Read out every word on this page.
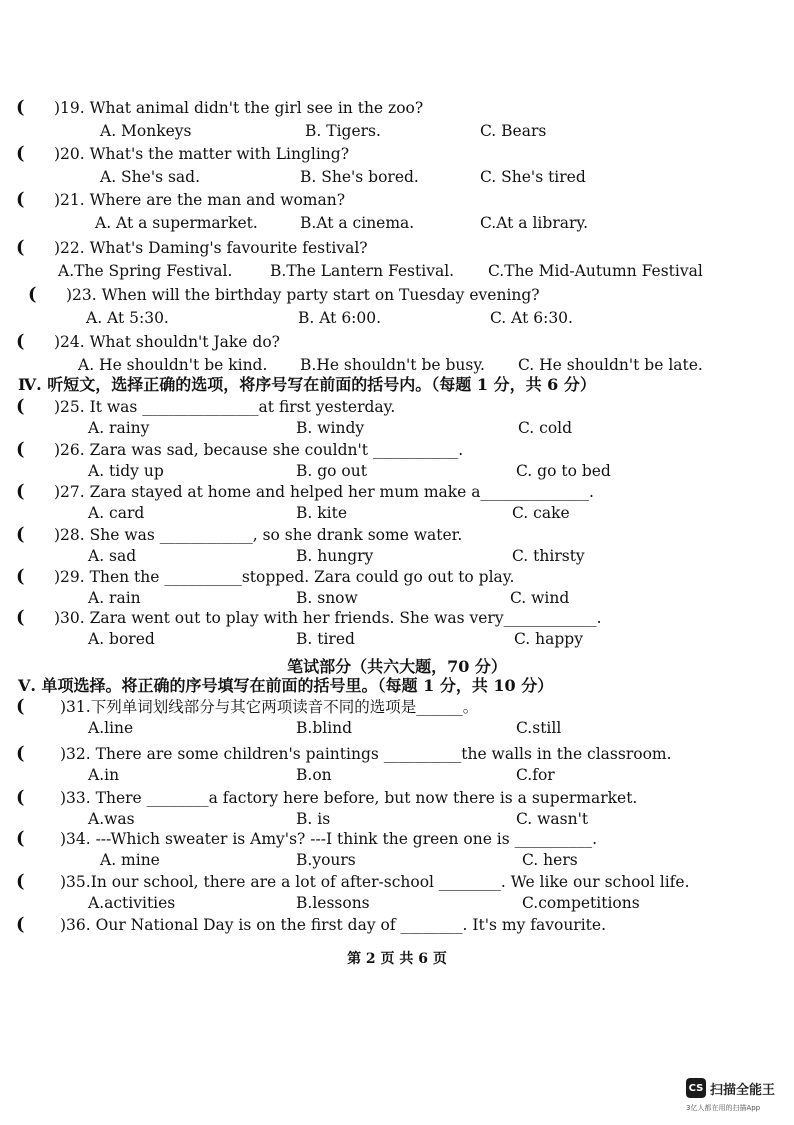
( )19. What animal didn't the girl see in the zoo?
A. Monkeys	B. Tigers.	C. Bears
( )20. What's the matter with Lingling?
A. She's sad.	B. She's bored.	C. She's tired
( )21. Where are the man and woman?
A. At a supermarket.	B.At a cinema.	C.At a library.
( )22. What's Daming's favourite festival?
A.The Spring Festival. B.The Lantern Festival. C.The Mid-Autumn Festival
( )23. When will the birthday party start on Tuesday evening?
A. At 5:30.	B. At 6:00.	C. At 6:30.
( )24. What shouldn't Jake do?
A. He shouldn't be kind. B.He shouldn't be busy. C. He shouldn't be late.
( )25. It was _______________at first yesterday.
A. rainy	B. windy	C. cold
( )26. Zara was sad, because she couldn't ___________.
A. tidy up	B. go out	C. go to bed
( )27. Zara stayed at home and helped her mum make a______________.
A. card	B. kite	C. cake
( )28. She was ____________, so she drank some water.
A. sad	B. hungry	C. thirsty
( )29. Then the __________stopped. Zara could go out to play.
A. rain	B. snow	C. wind
( )30. Zara went out to play with her friends. She was very____________.
A. bored	B. tired	C. happy
( )31.下列单词划线部分与其它两项读音不同的选项是______。
A.line	B.blind	C.still
( )32. There are some children's paintings __________the walls in the classroom.
A.in	B.on	C.for
( )33. There ________a factory here before, but now there is a supermarket.
A.was	B. is	C. wasn't
( )34. ---Which sweater is Amy's? ---I think the green one is __________.
A. mine	B.yours	C. hers
( )35.In our school, there are a lot of after-school ________. We like our school life.
A.activities	B.lessons	C.competitions
( )36. Our National Day is on the first day of ________. It's my favourite.
笔试部分（共六大题，70 分）
Ⅳ. 听短文，选择正确的选项，将序号写在前面的括号内。（每题 1 分，共 6 分）
Ⅴ. 单项选择。将正确的序号填写在前面的括号里。（每题 1 分，共 10 分）
第 2 页 共 6 页
CS 扫描全能王
3亿人都在用的扫描App
